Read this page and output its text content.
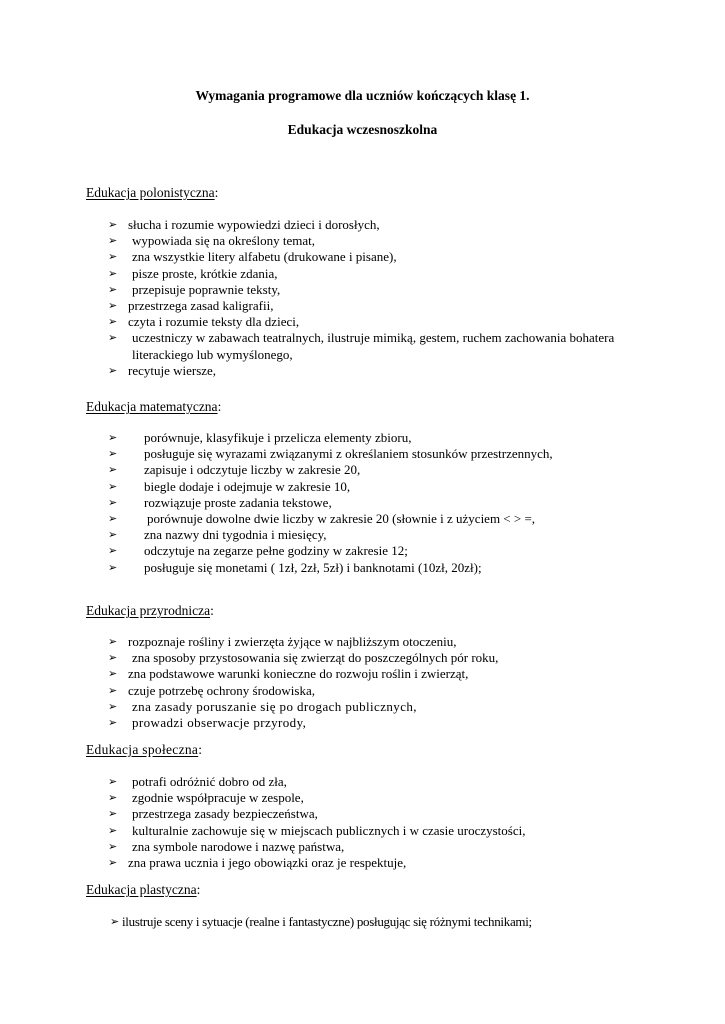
Wymagania programowe dla uczniów kończących klasę 1.
Edukacja wczesnoszkolna

Edukacja polonistyczna:

➢ słucha i rozumie wypowiedzi dzieci i dorosłych,
➢	wypowiada się na określony temat,
➢	zna wszystkie litery alfabetu (drukowane i pisane),
➢	pisze proste, krótkie zdania,
➢	przepisuje poprawnie teksty,
➢ przestrzega zasad kaligrafii,
➢ czyta i rozumie teksty dla dzieci,
➢	uczestniczy w zabawach teatralnych, ilustruje mimiką, gestem, ruchem zachowania bohatera literackiego lub wymyślonego,
➢ recytuje wiersze,

Edukacja matematyczna:

➢	porównuje, klasyfikuje i przelicza elementy zbioru,
➢	posługuje się wyrazami związanymi z określaniem stosunków przestrzennych,
➢	zapisuje i odczytuje liczby w zakresie 20,
➢	biegle dodaje i odejmuje w zakresie 10,
➢	rozwiązuje proste zadania tekstowe,
➢	porównuje dowolne dwie liczby w zakresie 20 (słownie i z użyciem < > =,
➢	zna nazwy dni tygodnia i miesięcy,
➢	odczytuje na zegarze pełne godziny w zakresie 12;
➢	posługuje się monetami ( 1zł, 2zł, 5zł) i banknotami (10zł, 20zł);

Edukacja przyrodnicza:

➢ rozpoznaje rośliny i zwierzęta żyjące w najbliższym otoczeniu,
➢	zna sposoby przystosowania się zwierząt do poszczególnych pór roku,
➢ zna podstawowe warunki konieczne do rozwoju roślin i zwierząt,
➢ czuje potrzebę ochrony środowiska,
➢	zna zasady poruszanie się po drogach publicznych,
➢	prowadzi obserwacje przyrody,

Edukacja społeczna:

➢	potrafi odróżnić dobro od zła,
➢	zgodnie współpracuje w zespole,
➢	przestrzega zasady bezpieczeństwa,
➢	kulturalnie zachowuje się w miejscach publicznych i w czasie uroczystości,
➢	zna symbole narodowe i nazwę państwa,
➢ zna prawa ucznia i jego obowiązki oraz je respektuje,

Edukacja plastyczna:

➢ ilustruje sceny i sytuacje (realne i fantastyczne) posługując się różnymi technikami;
